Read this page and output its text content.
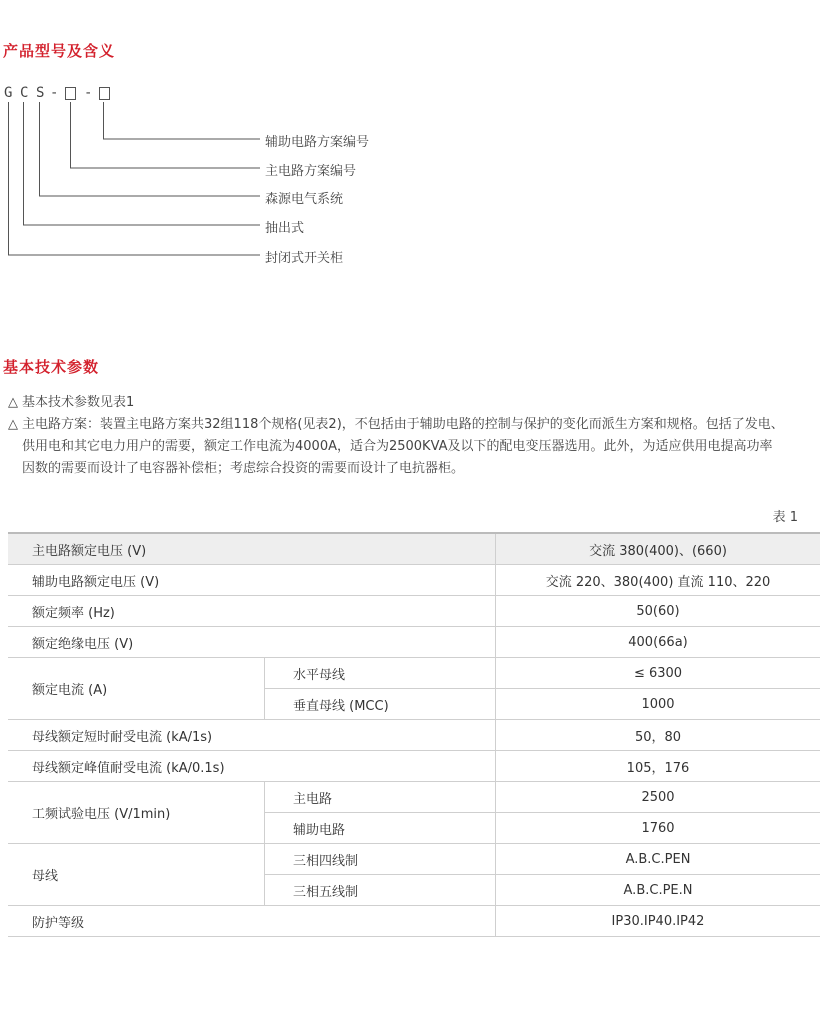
产品型号及含义
G C S - -
辅助电路方案编号
主电路方案编号
森源电气系统
抽出式
封闭式开关柜
基本技术参数
△ 基本技术参数见表1
△ 主电路方案：装置主电路方案共32组118个规格(见表2)，不包括由于辅助电路的控制与保护的变化而派生方案和规格。包括了发电、
供用电和其它电力用户的需要，额定工作电流为4000A，适合为2500KVA及以下的配电变压器选用。此外，为适应供用电提高功率
因数的需要而设计了电容器补偿柜；考虑综合投资的需要而设计了电抗器柜。
表 1
主电路额定电压 (V)		交流 380(400)、(660)
辅助电路额定电压 (V)		交流 220、380(400) 直流 110、220
额定频率 (Hz)		50(60)
额定绝缘电压 (V)		400(66a)
额定电流 (A)	水平母线	≤ 6300
	垂直母线 (MCC)	1000
母线额定短时耐受电流 (kA/1s)		50，80
母线额定峰值耐受电流 (kA/0.1s)		105，176
工频试验电压 (V/1min)	主电路	2500
	辅助电路	1760
母线	三相四线制	A.B.C.PEN
	三相五线制	A.B.C.PE.N
防护等级		IP30.IP40.IP42
